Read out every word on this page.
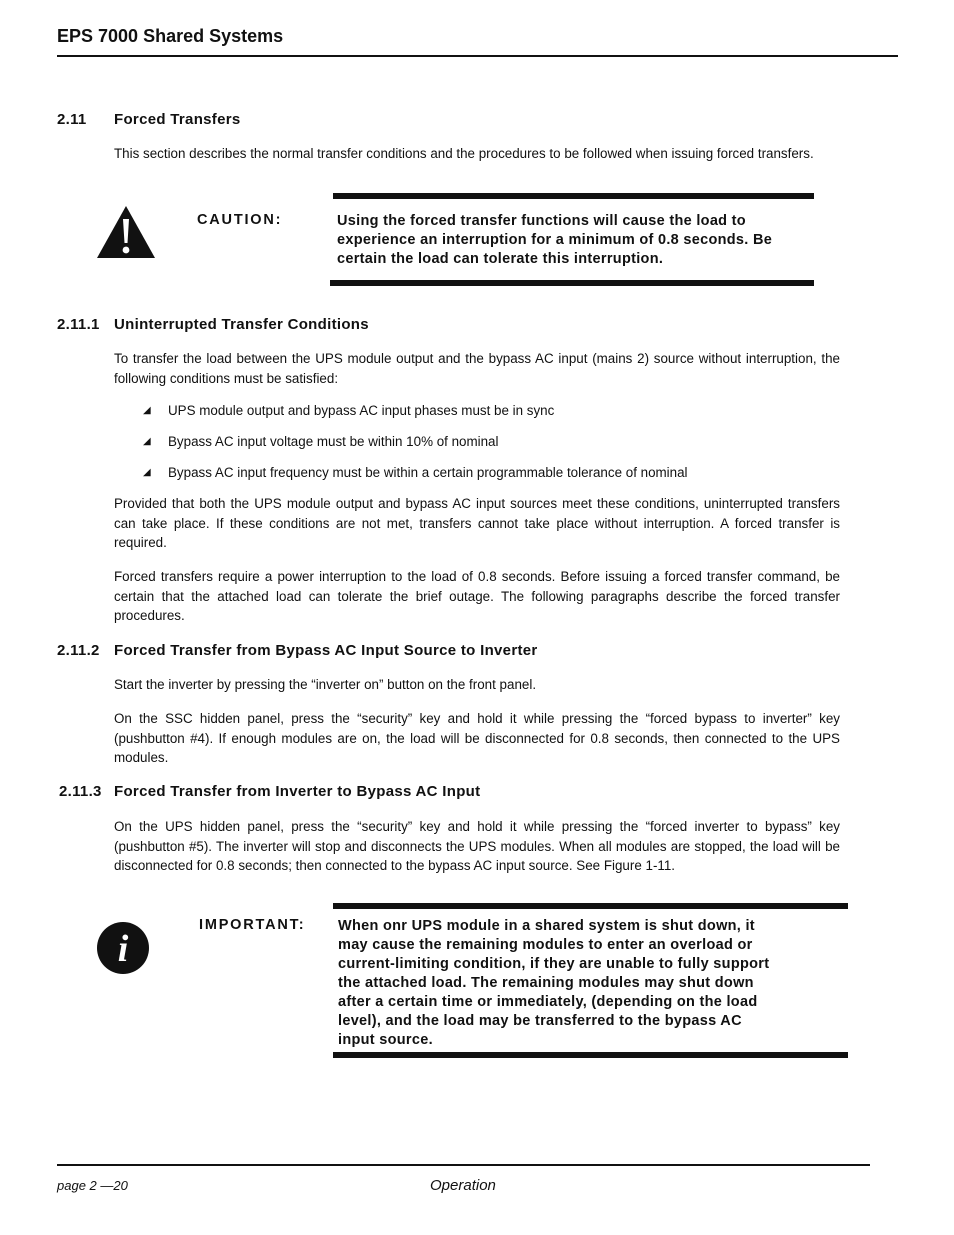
EPS 7000 Shared Systems
2.11 Forced Transfers
This section describes the normal transfer conditions and the procedures to be followed when issuing forced transfers.
CAUTION:	Using the forced transfer functions will cause the load to
experience an interruption for a minimum of 0.8 seconds. Be
certain the load can tolerate this interruption.
2.11.1 Uninterrupted Transfer Conditions
To transfer the load between the UPS module output and the bypass AC input (mains 2) source without interruption, the following conditions must be satisfied:
◢ UPS module output and bypass AC input phases must be in sync
◢ Bypass AC input voltage must be within 10% of nominal
◢ Bypass AC input frequency must be within a certain programmable tolerance of nominal
Provided that both the UPS module output and bypass AC input sources meet these conditions, uninterrupted transfers can take place. If these conditions are not met, transfers cannot take place without interruption. A forced transfer is required.
Forced transfers require a power interruption to the load of 0.8 seconds. Before issuing a forced transfer command, be certain that the attached load can tolerate the brief outage. The following paragraphs describe the forced transfer procedures.
2.11.2 Forced Transfer from Bypass AC Input Source to Inverter
Start the inverter by pressing the “inverter on” button on the front panel.
On the SSC hidden panel, press the “security” key and hold it while pressing the “forced bypass to inverter” key (pushbutton #4). If enough modules are on, the load will be disconnected for 0.8 seconds, then connected to the UPS modules.
2.11.3 Forced Transfer from Inverter to Bypass AC Input
On the UPS hidden panel, press the “security” key and hold it while pressing the “forced inverter to bypass” key (pushbutton #5). The inverter will stop and disconnects the UPS modules. When all modules are stopped, the load will be disconnected for 0.8 seconds; then connected to the bypass AC input source. See Figure 1-11.
i
IMPORTANT: When onr UPS module in a shared system is shut down, it
may cause the remaining modules to enter an overload or
current-limiting condition, if they are unable to fully support
the attached load. The remaining modules may shut down
after a certain time or immediately, (depending on the load
level), and the load may be transferred to the bypass AC
input source.
page 2 —20	Operation
